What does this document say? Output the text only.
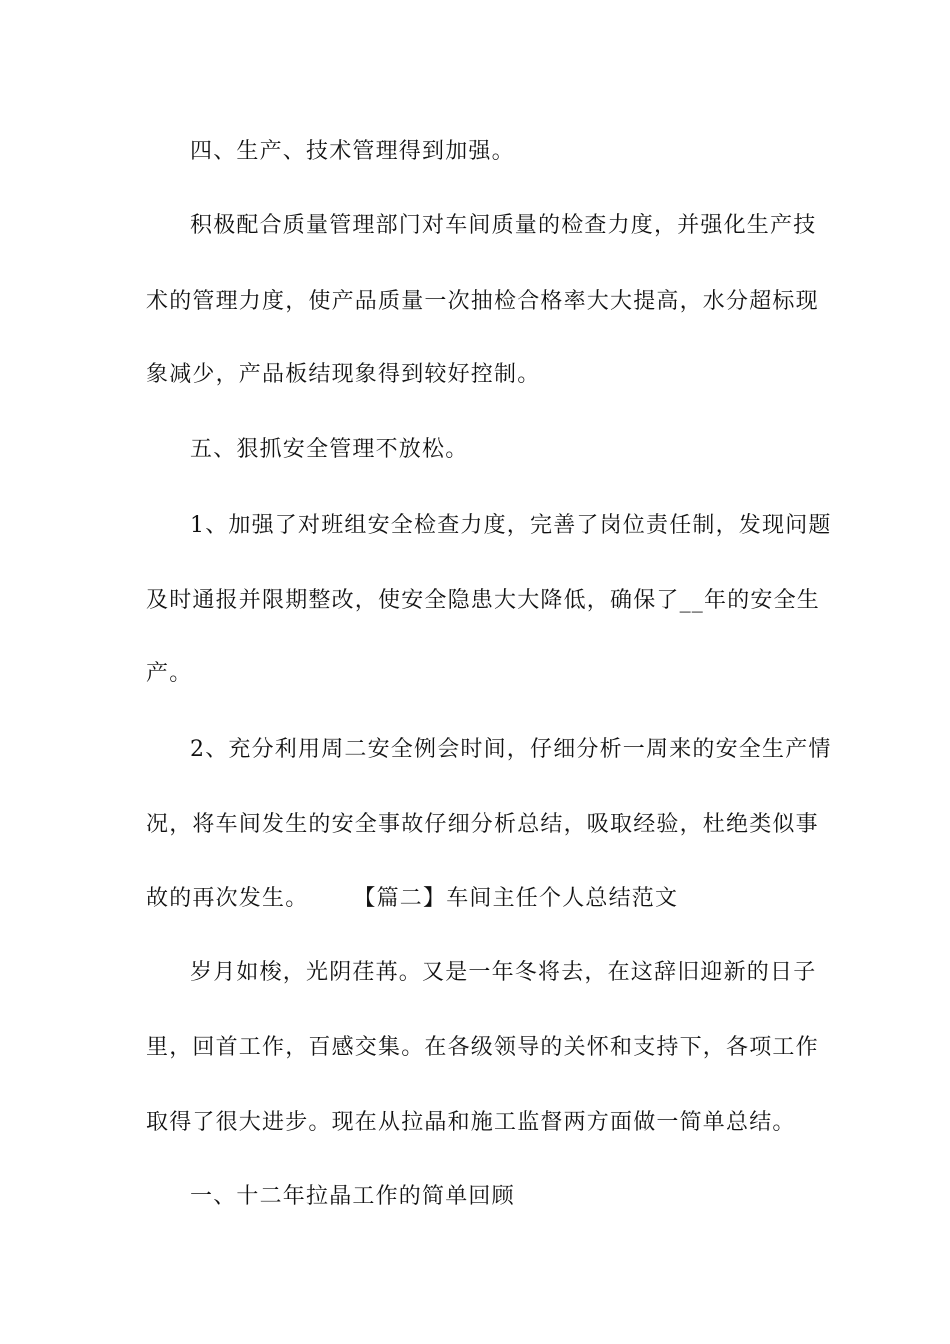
四、生产、技术管理得到加强。
积极配合质量管理部门对车间质量的检查力度，并强化生产技
术的管理力度，使产品质量一次抽检合格率大大提高，水分超标现
象减少，产品板结现象得到较好控制。
五、狠抓安全管理不放松。
1、加强了对班组安全检查力度，完善了岗位责任制，发现问题
及时通报并限期整改，使安全隐患大大降低，确保了__年的安全生
产。
2、充分利用周二安全例会时间，仔细分析一周来的安全生产情
况，将车间发生的安全事故仔细分析总结，吸取经验，杜绝类似事
故的再次发生。	【篇二】车间主任个人总结范文
岁月如梭，光阴荏苒。又是一年冬将去，在这辞旧迎新的日子
里，回首工作，百感交集。在各级领导的关怀和支持下，各项工作
取得了很大进步。现在从拉晶和施工监督两方面做一简单总结。
一、十二年拉晶工作的简单回顾
